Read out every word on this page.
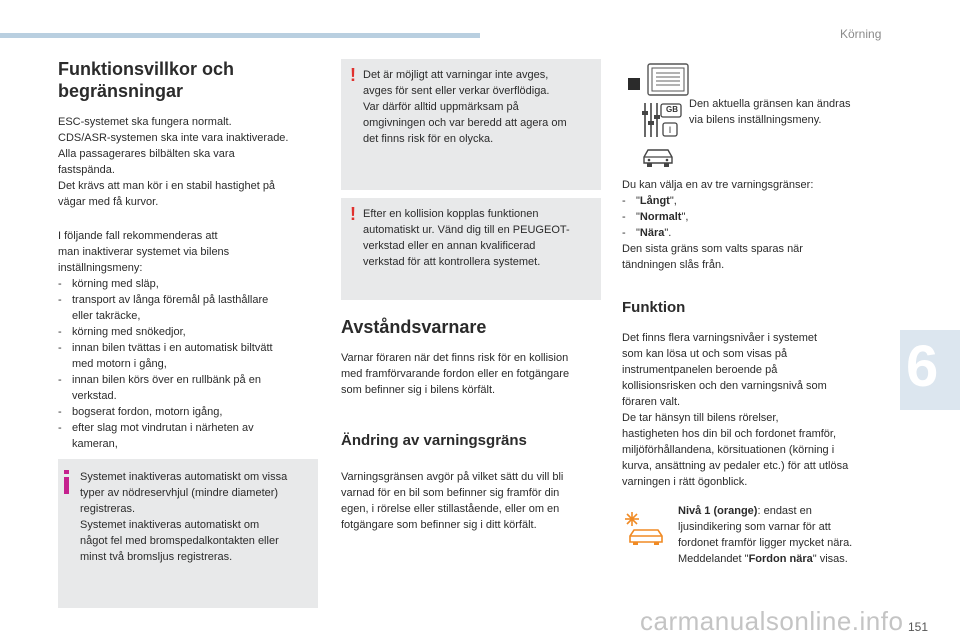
Körning
6
Funktionsvillkor och
begränsningar

ESC-systemet ska fungera normalt.

CDS/ASR-systemen ska inte vara inaktiverade.

Alla passagerares bilbälten ska vara

fastspända.

Det krävs att man kör i en stabil hastighet på

vägar med få kurvor.

I följande fall rekommenderas att

man inaktiverar systemet via bilens

inställningsmeny:

- körning med släp,
- transport av långa föremål på lasthållare
eller takräcke,
- körning med snökedjor,
- innan bilen tvättas i en automatisk biltvätt
med motorn i gång,
- innan bilen körs över en rullbänk på en
verkstad.
- bogserat fordon, motorn igång,
- efter slag mot vindrutan i närheten av
kameran,
Systemet inaktiveras automatiskt om vissa
typer av nödreservhjul (mindre diameter)
registreras.
Systemet inaktiveras automatiskt om
något fel med bromspedalkontakten eller
minst två bromsljus registreras.
! Det är möjligt att varningar inte avges,
avges för sent eller verkar överflödiga.
Var därför alltid uppmärksam på
omgivningen och var beredd att agera om
det finns risk för en olycka.
! Efter en kollision kopplas funktionen
automatiskt ur. Vänd dig till en PEUGEOT-
verkstad eller en annan kvalificerad
verkstad för att kontrollera systemet.
Avståndsvarnare

Varnar föraren när det finns risk för en kollision

med framförvarande fordon eller en fotgängare

som befinner sig i bilens körfält.

Ändring av varningsgräns

Varningsgränsen avgör på vilket sätt du vill bli

varnad för en bil som befinner sig framför din

egen, i rörelse eller stillastående, eller om en

fotgängare som befinner sig i ditt körfält.

GB
I

Den aktuella gränsen kan ändras

via bilens inställningsmeny.

Du kan välja en av tre varningsgränser:

- "Långt",
- "Normalt",
- "Nära".

Den sista gräns som valts sparas när

tändningen slås från.

Funktion

Det finns flera varningsnivåer i systemet

som kan lösa ut och som visas på

instrumentpanelen beroende på

kollisionsrisken och den varningsnivå som

föraren valt.

De tar hänsyn till bilens rörelser,

hastigheten hos din bil och fordonet framför,

miljöförhållandena, körsituationen (körning i

kurva, ansättning av pedaler etc.) för att utlösa

varningen i rätt ögonblick.

Nivå 1 (orange): endast en

ljusindikering som varnar för att

fordonet framför ligger mycket nära.

Meddelandet "Fordon nära" visas.

carmanualsonline.info 151
